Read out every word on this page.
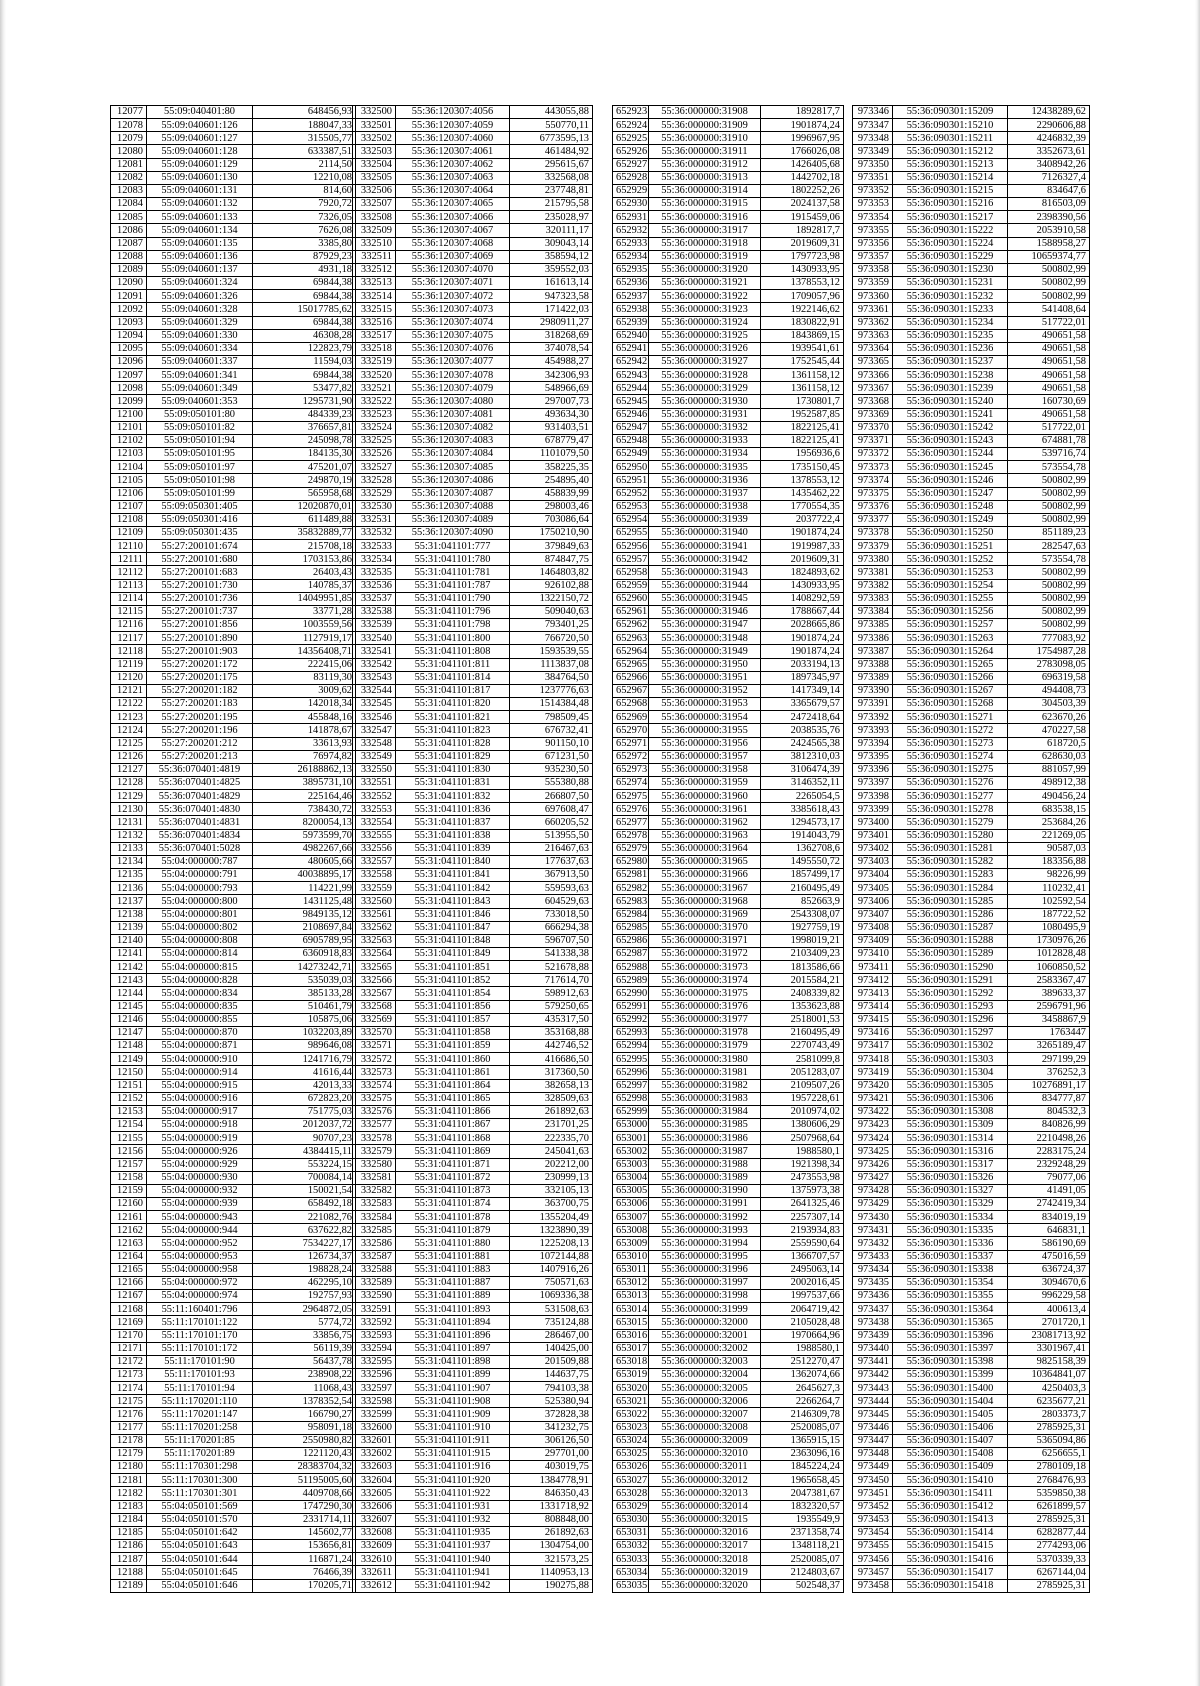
12077	55:09:040401:80	648456,93
12078	55:09:040601:126	188047,33
12079	55:09:040601:127	315505,77
12080	55:09:040601:128	633387,51
12081	55:09:040601:129	2114,50
12082	55:09:040601:130	12210,08
12083	55:09:040601:131	814,60
12084	55:09:040601:132	7920,72
12085	55:09:040601:133	7326,05
12086	55:09:040601:134	7626,08
12087	55:09:040601:135	3385,80
12088	55:09:040601:136	87929,23
12089	55:09:040601:137	4931,18
12090	55:09:040601:324	69844,38
12091	55:09:040601:326	69844,38
12092	55:09:040601:328	15017785,62
12093	55:09:040601:329	69844,38
12094	55:09:040601:330	46308,28
12095	55:09:040601:334	122823,79
12096	55:09:040601:337	11594,03
12097	55:09:040601:341	69844,38
12098	55:09:040601:349	53477,82
12099	55:09:040601:353	1295731,90
12100	55:09:050101:80	484339,23
12101	55:09:050101:82	376657,81
12102	55:09:050101:94	245098,78
12103	55:09:050101:95	184135,30
12104	55:09:050101:97	475201,07
12105	55:09:050101:98	249870,19
12106	55:09:050101:99	565958,68
12107	55:09:050301:405	12020870,01
12108	55:09:050301:416	611489,88
12109	55:09:050301:435	35832889,77
12110	55:27:200101:674	215708,18
12111	55:27:200101:680	1703153,86
12112	55:27:200101:683	26403,43
12113	55:27:200101:730	140785,37
12114	55:27:200101:736	14049951,85
12115	55:27:200101:737	33771,28
12116	55:27:200101:856	1003559,56
12117	55:27:200101:890	1127919,17
12118	55:27:200101:903	14356408,71
12119	55:27:200201:172	222415,06
12120	55:27:200201:175	83119,30
12121	55:27:200201:182	3009,62
12122	55:27:200201:183	142018,34
12123	55:27:200201:195	455848,16
12124	55:27:200201:196	141878,67
12125	55:27:200201:212	33613,93
12126	55:27:200201:213	76974,82
12127	55:36:070401:4819	26188862,13
12128	55:36:070401:4825	3895731,10
12129	55:36:070401:4829	225164,46
12130	55:36:070401:4830	738430,72
12131	55:36:070401:4831	8200054,13
12132	55:36:070401:4834	5973599,70
12133	55:36:070401:5028	4982267,66
12134	55:04:000000:787	480605,66
12135	55:04:000000:791	40038895,17
12136	55:04:000000:793	114221,99
12137	55:04:000000:800	1431125,48
12138	55:04:000000:801	9849135,12
12139	55:04:000000:802	2108697,84
12140	55:04:000000:808	6905789,95
12141	55:04:000000:814	6360918,83
12142	55:04:000000:815	14273242,71
12143	55:04:000000:828	535039,03
12144	55:04:000000:834	385133,28
12145	55:04:000000:835	510461,79
12146	55:04:000000:855	105875,06
12147	55:04:000000:870	1032203,89
12148	55:04:000000:871	989646,08
12149	55:04:000000:910	1241716,79
12150	55:04:000000:914	41616,44
12151	55:04:000000:915	42013,33
12152	55:04:000000:916	672823,20
12153	55:04:000000:917	751775,03
12154	55:04:000000:918	2012037,72
12155	55:04:000000:919	90707,23
12156	55:04:000000:926	4384415,11
12157	55:04:000000:929	553224,15
12158	55:04:000000:930	700084,14
12159	55:04:000000:932	150021,54
12160	55:04:000000:939	658492,18
12161	55:04:000000:943	221082,76
12162	55:04:000000:944	637622,82
12163	55:04:000000:952	7534227,17
12164	55:04:000000:953	126734,37
12165	55:04:000000:958	198828,24
12166	55:04:000000:972	462295,10
12167	55:04:000000:974	192757,93
12168	55:11:160401:796	2964872,05
12169	55:11:170101:122	5774,72
12170	55:11:170101:170	33856,75
12171	55:11:170101:172	56119,39
12172	55:11:170101:90	56437,78
12173	55:11:170101:93	238908,22
12174	55:11:170101:94	11068,43
12175	55:11:170201:110	1378352,54
12176	55:11:170201:147	166790,27
12177	55:11:170201:258	958091,18
12178	55:11:170201:85	2550980,82
12179	55:11:170201:89	1221120,43
12180	55:11:170301:298	28383704,32
12181	55:11:170301:300	51195005,60
12182	55:11:170301:301	4409708,66
12183	55:04:050101:569	1747290,30
12184	55:04:050101:570	2331714,11
12185	55:04:050101:642	145602,77
12186	55:04:050101:643	153656,81
12187	55:04:050101:644	116871,24
12188	55:04:050101:645	76466,39
12189	55:04:050101:646	170205,71
332500	55:36:120307:4056	443055,88
332501	55:36:120307:4059	550770,11
332502	55:36:120307:4060	6773595,13
332503	55:36:120307:4061	461484,92
332504	55:36:120307:4062	295615,67
332505	55:36:120307:4063	332568,08
332506	55:36:120307:4064	237748,81
332507	55:36:120307:4065	215795,58
332508	55:36:120307:4066	235028,97
332509	55:36:120307:4067	320111,17
332510	55:36:120307:4068	309043,14
332511	55:36:120307:4069	358594,12
332512	55:36:120307:4070	359552,03
332513	55:36:120307:4071	161613,14
332514	55:36:120307:4072	947323,58
332515	55:36:120307:4073	171422,03
332516	55:36:120307:4074	2980911,27
332517	55:36:120307:4075	318268,69
332518	55:36:120307:4076	374078,54
332519	55:36:120307:4077	454988,27
332520	55:36:120307:4078	342306,93
332521	55:36:120307:4079	548966,69
332522	55:36:120307:4080	297007,73
332523	55:36:120307:4081	493634,30
332524	55:36:120307:4082	931403,51
332525	55:36:120307:4083	678779,47
332526	55:36:120307:4084	1101079,50
332527	55:36:120307:4085	358225,35
332528	55:36:120307:4086	254895,40
332529	55:36:120307:4087	458839,99
332530	55:36:120307:4088	298003,46
332531	55:36:120307:4089	703086,64
332532	55:36:120307:4090	1750210,90
332533	55:31:041101:777	379849,63
332534	55:31:041101:780	874847,75
332535	55:31:041101:781	1464803,82
332536	55:31:041101:787	926102,88
332537	55:31:041101:790	1322150,72
332538	55:31:041101:796	509040,63
332539	55:31:041101:798	793401,25
332540	55:31:041101:800	766720,50
332541	55:31:041101:808	1593539,55
332542	55:31:041101:811	1113837,08
332543	55:31:041101:814	384764,50
332544	55:31:041101:817	1237776,63
332545	55:31:041101:820	1514384,48
332546	55:31:041101:821	798509,45
332547	55:31:041101:823	676732,41
332548	55:31:041101:828	901150,10
332549	55:31:041101:829	671231,50
332550	55:31:041101:830	935230,50
332551	55:31:041101:831	555380,88
332552	55:31:041101:832	266807,50
332553	55:31:041101:836	697608,47
332554	55:31:041101:837	660205,52
332555	55:31:041101:838	513955,50
332556	55:31:041101:839	216467,63
332557	55:31:041101:840	177637,63
332558	55:31:041101:841	367913,50
332559	55:31:041101:842	559593,63
332560	55:31:041101:843	604529,63
332561	55:31:041101:846	733018,50
332562	55:31:041101:847	666294,38
332563	55:31:041101:848	596707,50
332564	55:31:041101:849	541338,38
332565	55:31:041101:851	521678,88
332566	55:31:041101:852	717614,70
332567	55:31:041101:854	598912,63
332568	55:31:041101:856	579250,65
332569	55:31:041101:857	435317,50
332570	55:31:041101:858	353168,88
332571	55:31:041101:859	442746,52
332572	55:31:041101:860	416686,50
332573	55:31:041101:861	317360,50
332574	55:31:041101:864	382658,13
332575	55:31:041101:865	328509,63
332576	55:31:041101:866	261892,63
332577	55:31:041101:867	231701,25
332578	55:31:041101:868	222335,70
332579	55:31:041101:869	245041,63
332580	55:31:041101:871	202212,00
332581	55:31:041101:872	230999,13
332582	55:31:041101:873	332105,13
332583	55:31:041101:874	363700,75
332584	55:31:041101:878	1355204,49
332585	55:31:041101:879	1323890,39
332586	55:31:041101:880	1225208,13
332587	55:31:041101:881	1072144,88
332588	55:31:041101:883	1407916,26
332589	55:31:041101:887	750571,63
332590	55:31:041101:889	1069336,38
332591	55:31:041101:893	531508,63
332592	55:31:041101:894	735124,88
332593	55:31:041101:896	286467,00
332594	55:31:041101:897	140425,00
332595	55:31:041101:898	201509,88
332596	55:31:041101:899	144637,75
332597	55:31:041101:907	794103,38
332598	55:31:041101:908	525380,94
332599	55:31:041101:909	372828,38
332600	55:31:041101:910	341232,75
332601	55:31:041101:911	306126,50
332602	55:31:041101:915	297701,00
332603	55:31:041101:916	403019,75
332604	55:31:041101:920	1384778,91
332605	55:31:041101:922	846350,43
332606	55:31:041101:931	1331718,92
332607	55:31:041101:932	808848,00
332608	55:31:041101:935	261892,63
332609	55:31:041101:937	1304754,00
332610	55:31:041101:940	321573,25
332611	55:31:041101:941	1140953,13
332612	55:31:041101:942	190275,88
652923	55:36:000000:31908	1892817,7
652924	55:36:000000:31909	1901874,24
652925	55:36:000000:31910	1996967,95
652926	55:36:000000:31911	1766026,08
652927	55:36:000000:31912	1426405,68
652928	55:36:000000:31913	1442702,18
652929	55:36:000000:31914	1802252,26
652930	55:36:000000:31915	2024137,58
652931	55:36:000000:31916	1915459,06
652932	55:36:000000:31917	1892817,7
652933	55:36:000000:31918	2019609,31
652934	55:36:000000:31919	1797723,98
652935	55:36:000000:31920	1430933,95
652936	55:36:000000:31921	1378553,12
652937	55:36:000000:31922	1709057,96
652938	55:36:000000:31923	1922146,62
652939	55:36:000000:31924	1830822,91
652940	55:36:000000:31925	1843869,15
652941	55:36:000000:31926	1939541,61
652942	55:36:000000:31927	1752545,44
652943	55:36:000000:31928	1361158,12
652944	55:36:000000:31929	1361158,12
652945	55:36:000000:31930	1730801,7
652946	55:36:000000:31931	1952587,85
652947	55:36:000000:31932	1822125,41
652948	55:36:000000:31933	1822125,41
652949	55:36:000000:31934	1956936,6
652950	55:36:000000:31935	1735150,45
652951	55:36:000000:31936	1378553,12
652952	55:36:000000:31937	1435462,22
652953	55:36:000000:31938	1770554,35
652954	55:36:000000:31939	2037722,4
652955	55:36:000000:31940	1901874,24
652956	55:36:000000:31941	1919987,33
652957	55:36:000000:31942	2019609,31
652958	55:36:000000:31943	1824893,62
652959	55:36:000000:31944	1430933,95
652960	55:36:000000:31945	1408292,59
652961	55:36:000000:31946	1788667,44
652962	55:36:000000:31947	2028665,86
652963	55:36:000000:31948	1901874,24
652964	55:36:000000:31949	1901874,24
652965	55:36:000000:31950	2033194,13
652966	55:36:000000:31951	1897345,97
652967	55:36:000000:31952	1417349,14
652968	55:36:000000:31953	3365679,57
652969	55:36:000000:31954	2472418,64
652970	55:36:000000:31955	2038535,76
652971	55:36:000000:31956	2424565,38
652972	55:36:000000:31957	3812310,03
652973	55:36:000000:31958	3106474,39
652974	55:36:000000:31959	3146352,11
652975	55:36:000000:31960	2265054,5
652976	55:36:000000:31961	3385618,43
652977	55:36:000000:31962	1294573,17
652978	55:36:000000:31963	1914043,79
652979	55:36:000000:31964	1362708,6
652980	55:36:000000:31965	1495550,72
652981	55:36:000000:31966	1857499,17
652982	55:36:000000:31967	2160495,49
652983	55:36:000000:31968	852663,9
652984	55:36:000000:31969	2543308,07
652985	55:36:000000:31970	1927759,19
652986	55:36:000000:31971	1998019,21
652987	55:36:000000:31972	2103409,23
652988	55:36:000000:31973	1813586,66
652989	55:36:000000:31974	2015584,21
652990	55:36:000000:31975	2408339,82
652991	55:36:000000:31976	1353623,88
652992	55:36:000000:31977	2518001,53
652993	55:36:000000:31978	2160495,49
652994	55:36:000000:31979	2270743,49
652995	55:36:000000:31980	2581099,8
652996	55:36:000000:31981	2051283,07
652997	55:36:000000:31982	2109507,26
652998	55:36:000000:31983	1957228,61
652999	55:36:000000:31984	2010974,02
653000	55:36:000000:31985	1380606,29
653001	55:36:000000:31986	2507968,64
653002	55:36:000000:31987	1988580,1
653003	55:36:000000:31988	1921398,34
653004	55:36:000000:31989	2473553,98
653005	55:36:000000:31990	1375973,38
653006	55:36:000000:31991	2641325,46
653007	55:36:000000:31992	2257307,14
653008	55:36:000000:31993	2193934,83
653009	55:36:000000:31994	2559590,64
653010	55:36:000000:31995	1366707,57
653011	55:36:000000:31996	2495063,14
653012	55:36:000000:31997	2002016,45
653013	55:36:000000:31998	1997537,66
653014	55:36:000000:31999	2064719,42
653015	55:36:000000:32000	2105028,48
653016	55:36:000000:32001	1970664,96
653017	55:36:000000:32002	1988580,1
653018	55:36:000000:32003	2512270,47
653019	55:36:000000:32004	1362074,66
653020	55:36:000000:32005	2645627,3
653021	55:36:000000:32006	2266264,7
653022	55:36:000000:32007	2146309,78
653023	55:36:000000:32008	2520085,07
653024	55:36:000000:32009	1365915,15
653025	55:36:000000:32010	2363096,16
653026	55:36:000000:32011	1845224,24
653027	55:36:000000:32012	1965658,45
653028	55:36:000000:32013	2047381,67
653029	55:36:000000:32014	1832320,57
653030	55:36:000000:32015	1935549,9
653031	55:36:000000:32016	2371358,74
653032	55:36:000000:32017	1348118,21
653033	55:36:000000:32018	2520085,07
653034	55:36:000000:32019	2124803,67
653035	55:36:000000:32020	502548,37
973346	55:36:090301:15209	12438289,62
973347	55:36:090301:15210	2290606,88
973348	55:36:090301:15211	4246832,39
973349	55:36:090301:15212	3352673,61
973350	55:36:090301:15213	3408942,26
973351	55:36:090301:15214	7126327,4
973352	55:36:090301:15215	834647,6
973353	55:36:090301:15216	816503,09
973354	55:36:090301:15217	2398390,56
973355	55:36:090301:15222	2053910,58
973356	55:36:090301:15224	1588958,27
973357	55:36:090301:15229	10659374,77
973358	55:36:090301:15230	500802,99
973359	55:36:090301:15231	500802,99
973360	55:36:090301:15232	500802,99
973361	55:36:090301:15233	541408,64
973362	55:36:090301:15234	517722,01
973363	55:36:090301:15235	490651,58
973364	55:36:090301:15236	490651,58
973365	55:36:090301:15237	490651,58
973366	55:36:090301:15238	490651,58
973367	55:36:090301:15239	490651,58
973368	55:36:090301:15240	160730,69
973369	55:36:090301:15241	490651,58
973370	55:36:090301:15242	517722,01
973371	55:36:090301:15243	674881,78
973372	55:36:090301:15244	539716,74
973373	55:36:090301:15245	573554,78
973374	55:36:090301:15246	500802,99
973375	55:36:090301:15247	500802,99
973376	55:36:090301:15248	500802,99
973377	55:36:090301:15249	500802,99
973378	55:36:090301:15250	851189,23
973379	55:36:090301:15251	282547,63
973380	55:36:090301:15252	573554,78
973381	55:36:090301:15253	500802,99
973382	55:36:090301:15254	500802,99
973383	55:36:090301:15255	500802,99
973384	55:36:090301:15256	500802,99
973385	55:36:090301:15257	500802,99
973386	55:36:090301:15263	777083,92
973387	55:36:090301:15264	1754987,28
973388	55:36:090301:15265	2783098,05
973389	55:36:090301:15266	696319,58
973390	55:36:090301:15267	494408,73
973391	55:36:090301:15268	304503,39
973392	55:36:090301:15271	623670,26
973393	55:36:090301:15272	470227,58
973394	55:36:090301:15273	618720,5
973395	55:36:090301:15274	628630,03
973396	55:36:090301:15275	881057,99
973397	55:36:090301:15276	498912,38
973398	55:36:090301:15277	490456,24
973399	55:36:090301:15278	683538,15
973400	55:36:090301:15279	253684,26
973401	55:36:090301:15280	221269,05
973402	55:36:090301:15281	90587,03
973403	55:36:090301:15282	183356,88
973404	55:36:090301:15283	98226,99
973405	55:36:090301:15284	110232,41
973406	55:36:090301:15285	102592,54
973407	55:36:090301:15286	187722,52
973408	55:36:090301:15287	1080495,9
973409	55:36:090301:15288	1730976,26
973410	55:36:090301:15289	1012828,48
973411	55:36:090301:15290	1060850,52
973412	55:36:090301:15291	2583367,47
973413	55:36:090301:15292	389633,37
973414	55:36:090301:15293	2596791,96
973415	55:36:090301:15296	3458867,9
973416	55:36:090301:15297	1763447
973417	55:36:090301:15302	3265189,47
973418	55:36:090301:15303	297199,29
973419	55:36:090301:15304	376252,3
973420	55:36:090301:15305	10276891,17
973421	55:36:090301:15306	834777,87
973422	55:36:090301:15308	804532,3
973423	55:36:090301:15309	840826,99
973424	55:36:090301:15314	2210498,26
973425	55:36:090301:15316	2283175,24
973426	55:36:090301:15317	2329248,29
973427	55:36:090301:15326	79077,06
973428	55:36:090301:15327	41491,05
973429	55:36:090301:15329	2742419,34
973430	55:36:090301:15334	834019,19
973431	55:36:090301:15335	646831,1
973432	55:36:090301:15336	586190,69
973433	55:36:090301:15337	475016,59
973434	55:36:090301:15338	636724,37
973435	55:36:090301:15354	3094670,6
973436	55:36:090301:15355	996229,58
973437	55:36:090301:15364	400613,4
973438	55:36:090301:15365	2701720,1
973439	55:36:090301:15396	23081713,92
973440	55:36:090301:15397	3301967,41
973441	55:36:090301:15398	9825158,39
973442	55:36:090301:15399	10364841,07
973443	55:36:090301:15400	4250403,3
973444	55:36:090301:15404	6235677,21
973445	55:36:090301:15405	2803373,7
973446	55:36:090301:15406	2785925,31
973447	55:36:090301:15407	5365094,86
973448	55:36:090301:15408	6256655,1
973449	55:36:090301:15409	2780109,18
973450	55:36:090301:15410	2768476,93
973451	55:36:090301:15411	5359850,38
973452	55:36:090301:15412	6261899,57
973453	55:36:090301:15413	2785925,31
973454	55:36:090301:15414	6282877,44
973455	55:36:090301:15415	2774293,06
973456	55:36:090301:15416	5370339,33
973457	55:36:090301:15417	6267144,04
973458	55:36:090301:15418	2785925,31
